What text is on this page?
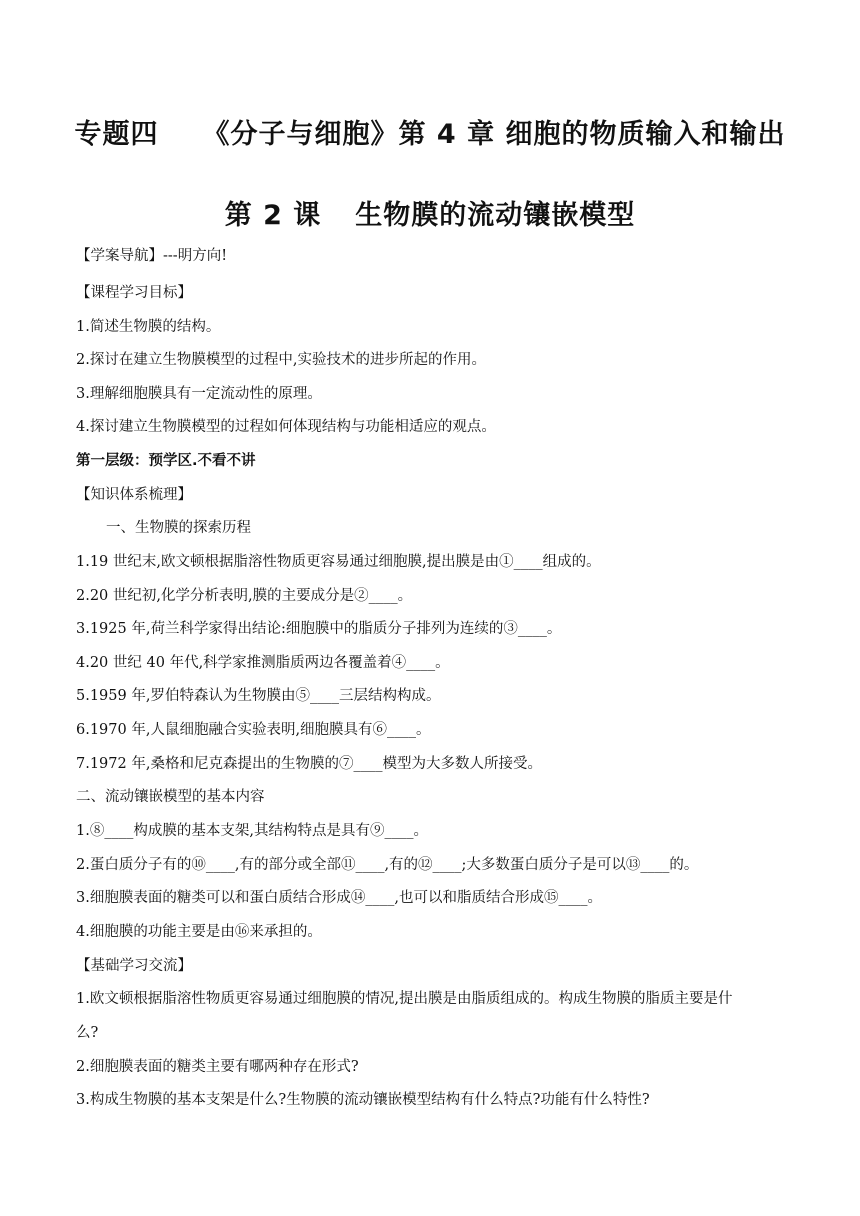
专题四 《分子与细胞》第 4 章 细胞的物质输入和输出
第 2 课 生物膜的流动镶嵌模型
【学案导航】---明方向!
【课程学习目标】
1.简述生物膜的结构。
2.探讨在建立生物膜模型的过程中,实验技术的进步所起的作用。
3.理解细胞膜具有一定流动性的原理。
4.探讨建立生物膜模型的过程如何体现结构与功能相适应的观点。
第一层级：预学区.不看不讲
【知识体系梳理】
一、生物膜的探索历程
1.19 世纪末,欧文顿根据脂溶性物质更容易通过细胞膜,提出膜是由①____组成的。
2.20 世纪初,化学分析表明,膜的主要成分是②____。
3.1925 年,荷兰科学家得出结论:细胞膜中的脂质分子排列为连续的③____。
4.20 世纪 40 年代,科学家推测脂质两边各覆盖着④____。
5.1959 年,罗伯特森认为生物膜由⑤____三层结构构成。
6.1970 年,人鼠细胞融合实验表明,细胞膜具有⑥____。
7.1972 年,桑格和尼克森提出的生物膜的⑦____模型为大多数人所接受。
二、流动镶嵌模型的基本内容
1.⑧____构成膜的基本支架,其结构特点是具有⑨____。
2.蛋白质分子有的⑩____,有的部分或全部⑪____,有的⑫____;大多数蛋白质分子是可以⑬____的。
3.细胞膜表面的糖类可以和蛋白质结合形成⑭____,也可以和脂质结合形成⑮____。
4.细胞膜的功能主要是由⑯来承担的。
【基础学习交流】
1.欧文顿根据脂溶性物质更容易通过细胞膜的情况,提出膜是由脂质组成的。构成生物膜的脂质主要是什
么?
2.细胞膜表面的糖类主要有哪两种存在形式?
3.构成生物膜的基本支架是什么?生物膜的流动镶嵌模型结构有什么特点?功能有什么特性?
